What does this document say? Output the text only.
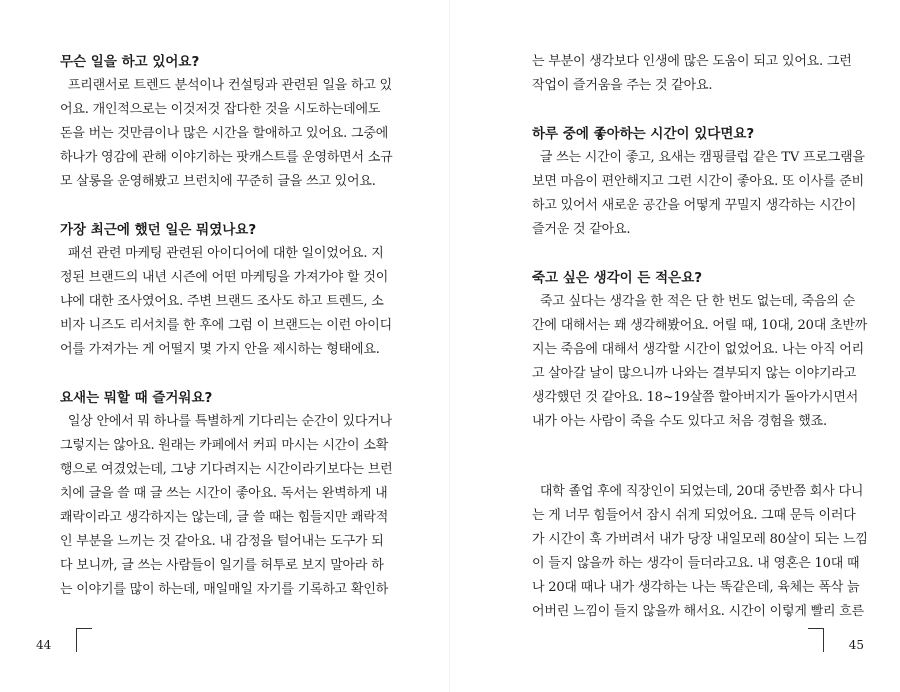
무슨 일을 하고 있어요?

프리랜서로 트렌드 분석이나 컨설팅과 관련된 일을 하고 있

어요. 개인적으로는 이것저것 잡다한 것을 시도하는데에도

돈을 버는 것만큼이나 많은 시간을 할애하고 있어요. 그중에

하나가 영감에 관해 이야기하는 팟캐스트를 운영하면서 소규

모 살롱을 운영해봤고 브런치에 꾸준히 글을 쓰고 있어요.

가장 최근에 했던 일은 뭐였나요?

패션 관련 마케팅 관련된 아이디어에 대한 일이었어요. 지

정된 브랜드의 내년 시즌에 어떤 마케팅을 가져가야 할 것이

냐에 대한 조사였어요. 주변 브랜드 조사도 하고 트렌드, 소

비자 니즈도 리서치를 한 후에 그럼 이 브랜드는 이런 아이디

어를 가져가는 게 어떨지 몇 가지 안을 제시하는 형태에요.

요새는 뭐할 때 즐거워요?

일상 안에서 뭐 하나를 특별하게 기다리는 순간이 있다거나

그렇지는 않아요. 원래는 카페에서 커피 마시는 시간이 소확

행으로 여겼었는데, 그냥 기다려지는 시간이라기보다는 브런

치에 글을 쓸 때 글 쓰는 시간이 좋아요. 독서는 완벽하게 내

쾌락이라고 생각하지는 않는데, 글 쓸 때는 힘들지만 쾌락적

인 부분을 느끼는 것 같아요. 내 감정을 털어내는 도구가 되

다 보니까, 글 쓰는 사람들이 일기를 허투로 보지 말아라 하

는 이야기를 많이 하는데, 매일매일 자기를 기록하고 확인하

44

는 부분이 생각보다 인생에 많은 도움이 되고 있어요. 그런

작업이 즐거움을 주는 것 같아요.

하루 중에 좋아하는 시간이 있다면요?

글 쓰는 시간이 좋고, 요새는 캠핑클럽 같은 TV 프로그램을

보면 마음이 편안해지고 그런 시간이 좋아요. 또 이사를 준비

하고 있어서 새로운 공간을 어떻게 꾸밀지 생각하는 시간이

즐거운 것 같아요.

죽고 싶은 생각이 든 적은요?

죽고 싶다는 생각을 한 적은 단 한 번도 없는데, 죽음의 순

간에 대해서는 꽤 생각해봤어요. 어릴 때, 10대, 20대 초반까

지는 죽음에 대해서 생각할 시간이 없었어요. 나는 아직 어리

고 살아갈 날이 많으니까 나와는 결부되지 않는 이야기라고

생각했던 것 같아요. 18~19살쯤 할아버지가 돌아가시면서

내가 아는 사람이 죽을 수도 있다고 처음 경험을 했죠.

대학 졸업 후에 직장인이 되었는데, 20대 중반쯤 회사 다니

는 게 너무 힘들어서 잠시 쉬게 되었어요. 그때 문득 이러다

가 시간이 훅 가버려서 내가 당장 내일모레 80살이 되는 느낌

이 들지 않을까 하는 생각이 들더라고요. 내 영혼은 10대 때

나 20대 때나 내가 생각하는 나는 똑같은데, 육체는 폭삭 늙

어버린 느낌이 들지 않을까 해서요. 시간이 이렇게 빨리 흐른

45
